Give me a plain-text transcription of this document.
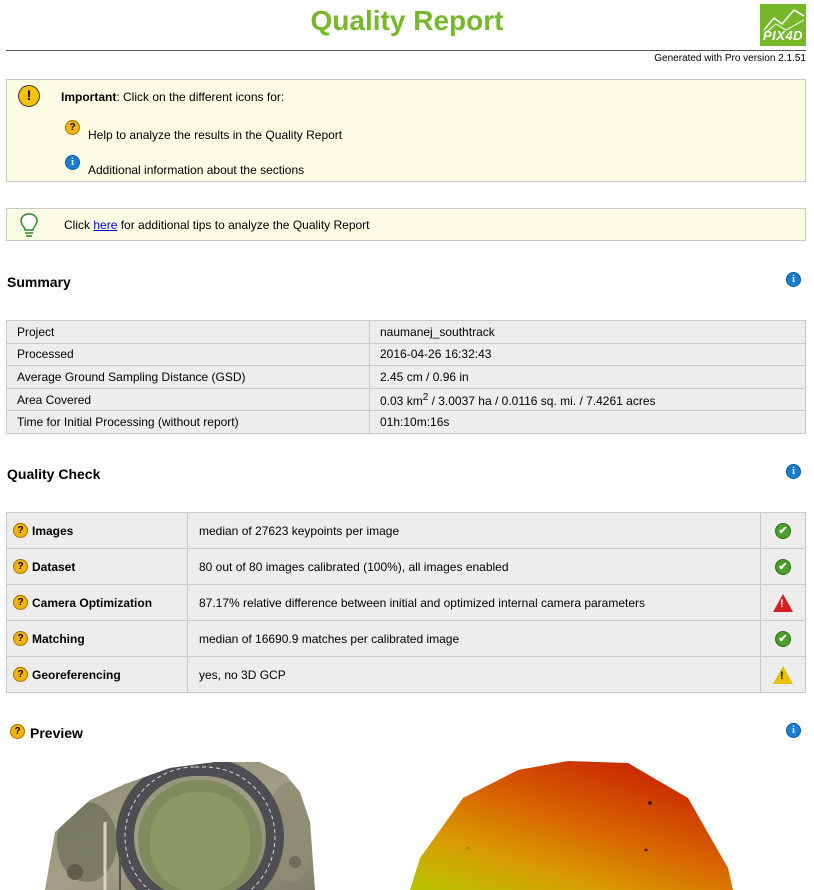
Quality Report	PIX4D
Generated with Pro version 2.1.51
!	Important: Click on the different icons for:
?
Help to analyze the results in the Quality Report
i
Additional information about the sections
Click here for additional tips to analyze the Quality Report
Summary	i
Project	naumanej_southtrack
Processed	2016-04-26 16:32:43
Average Ground Sampling Distance (GSD)	2.45 cm / 0.96 in
Area Covered	0.03 $km^2 / 3.0037$ ha / 0.0116 sq. mi. / 7.4261 acres
Time for Initial Processing (without report)	01h:10m:16s
Quality Check	i
? Images	median of 27623 keypoints per image	✔

? Dataset	80 out of 80 images calibrated (100%), all images enabled	✔

? Camera Optimization	87.17% relative difference between initial and optimized internal camera parameters	!

? Matching	median of 16690.9 matches per calibrated image	✔

? Georeferencing	yes, no 3D GCP	!
? Preview	i
